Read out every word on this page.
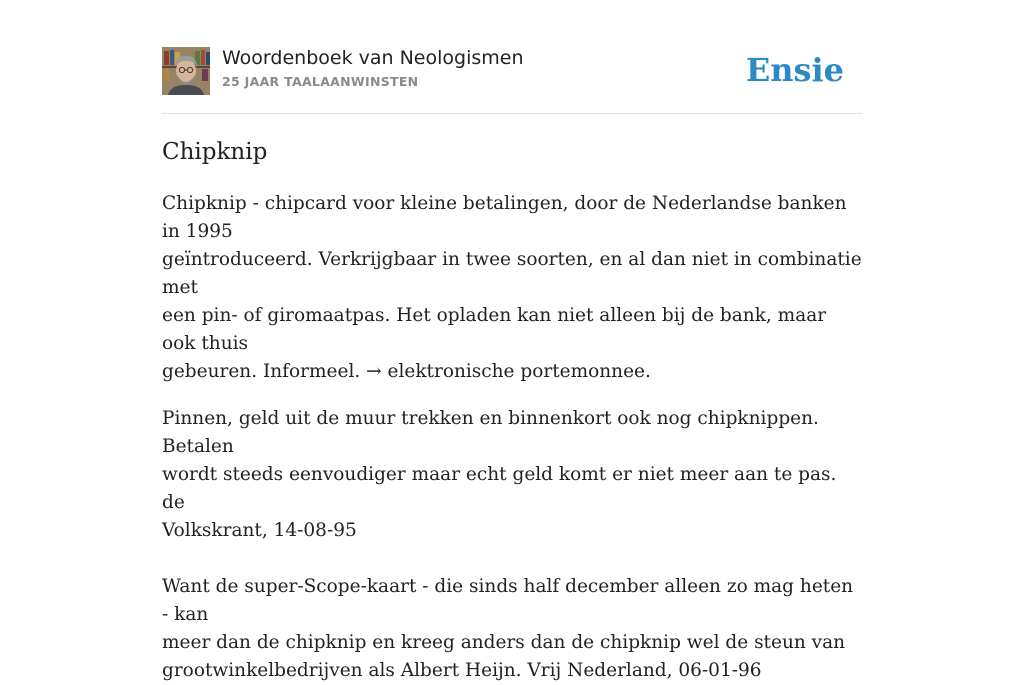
Woordenboek van Neologismen
25 JAAR TAALAANWINSTEN	Ensie
Chipknip

Chipknip - chipcard voor kleine betalingen, door de Nederlandse banken in 1995
geïntroduceerd. Verkrijgbaar in twee soorten, en al dan niet in combinatie met
een pin- of giromaatpas. Het opladen kan niet alleen bij de bank, maar ook thuis
gebeuren. Informeel. → elektronische portemonnee.

Pinnen, geld uit de muur trekken en binnenkort ook nog chipknippen. Betalen
wordt steeds eenvoudiger maar echt geld komt er niet meer aan te pas. de
Volkskrant, 14-08-95

Want de super-Scope-kaart - die sinds half december alleen zo mag heten - kan
meer dan de chipknip en kreeg anders dan de chipknip wel de steun van
grootwinkelbedrijven als Albert Heijn. Vrij Nederland, 06-01-96
